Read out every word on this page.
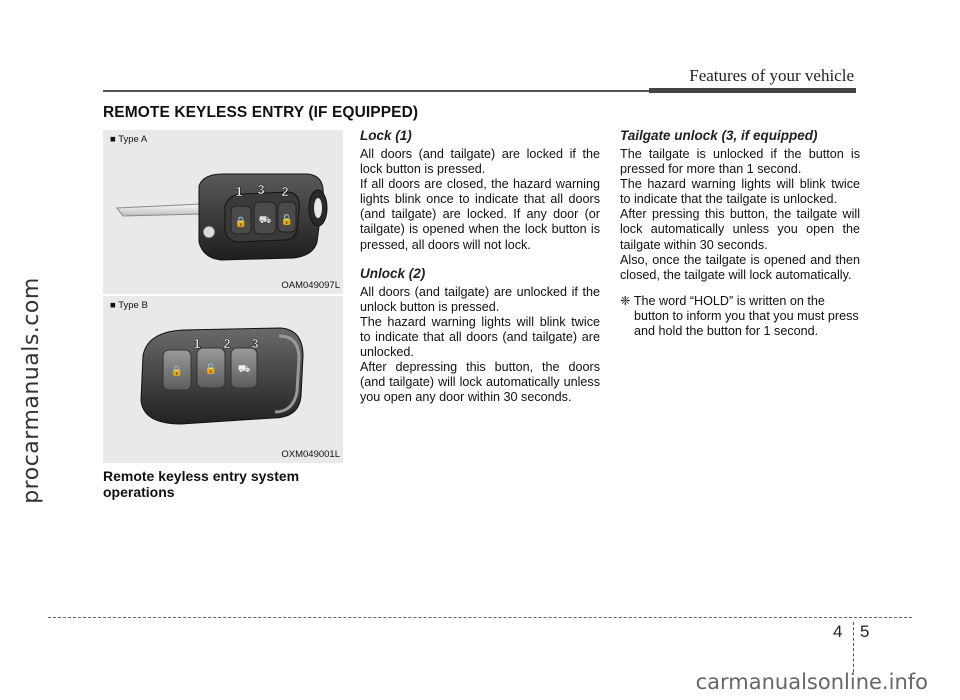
procarmanuals.com
Features of your vehicle
REMOTE KEYLESS ENTRY (IF EQUIPPED)
🔒 ⛟ 🔓
1 3 2
■ Type A
OAM049097L
🔒 🔓 ⛟
1 2 3
■ Type B
OXM049001L
Remote keyless entry system operations
Lock (1)

All doors (and tailgate) are locked if the lock button is pressed.

If all doors are closed, the hazard warning lights blink once to indicate that all doors (and tailgate) are locked. If any door (or tailgate) is opened when the lock button is pressed, all doors will not lock.

Unlock (2)

All doors (and tailgate) are unlocked if the unlock button is pressed.

The hazard warning lights will blink twice to indicate that all doors (and tailgate) are unlocked.

After depressing this button, the doors (and tailgate) will lock automatically unless you open any door within 30 seconds.

Tailgate unlock (3, if equipped)

The tailgate is unlocked if the button is pressed for more than 1 second.

The hazard warning lights will blink twice to indicate that the tailgate is unlocked.

After pressing this button, the tailgate will lock automatically unless you open the tailgate within 30 seconds.

Also, once the tailgate is opened and then closed, the tailgate will lock automatically.

❈ The word “HOLD” is written on the button to inform you that you must press and hold the button for 1 second.

4 5
carmanualsonline.info
